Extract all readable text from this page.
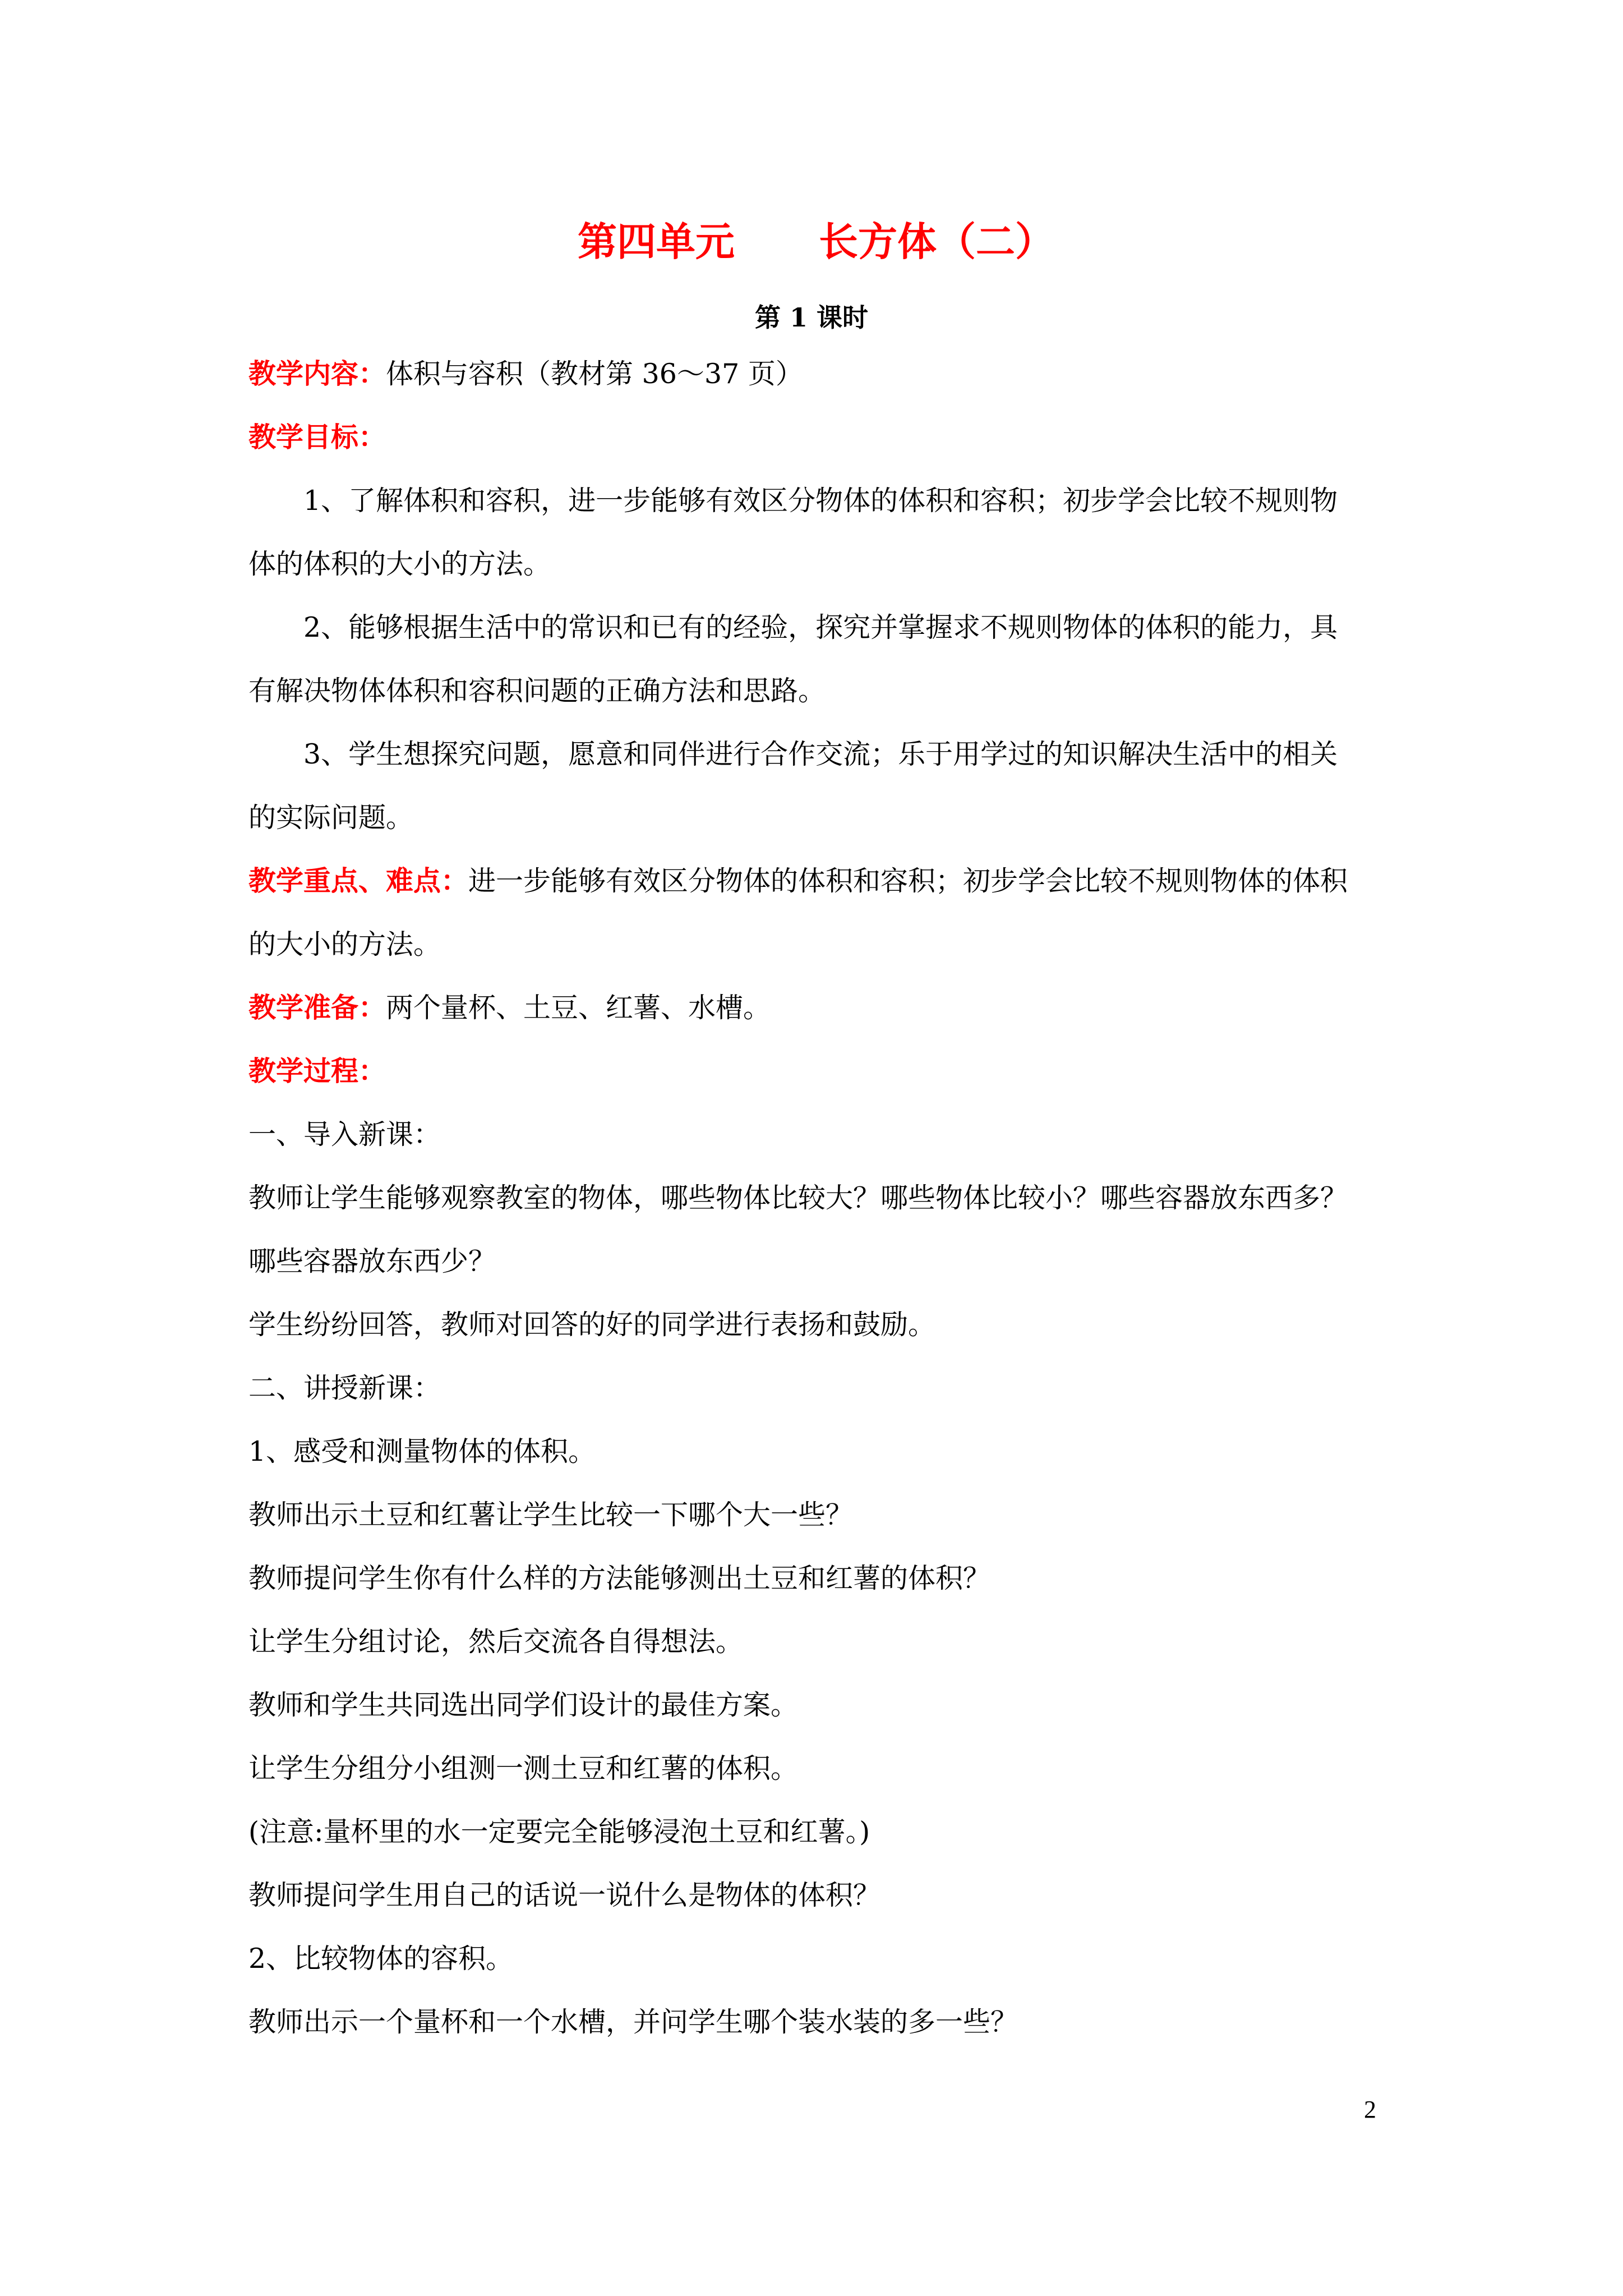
第四单元 长方体（二）
第 1 课时
教学内容：体积与容积（教材第 36～37 页）
教学目标：
1、了解体积和容积，进一步能够有效区分物体的体积和容积；初步学会比较不规则物
体的体积的大小的方法。
2、能够根据生活中的常识和已有的经验，探究并掌握求不规则物体的体积的能力，具
有解决物体体积和容积问题的正确方法和思路。
3、学生想探究问题，愿意和同伴进行合作交流；乐于用学过的知识解决生活中的相关
的实际问题。
教学重点、难点：进一步能够有效区分物体的体积和容积；初步学会比较不规则物体的体积
的大小的方法。
教学准备：两个量杯、土豆、红薯、水槽。
教学过程：
一、导入新课：
教师让学生能够观察教室的物体，哪些物体比较大？哪些物体比较小？哪些容器放东西多？
哪些容器放东西少？
学生纷纷回答，教师对回答的好的同学进行表扬和鼓励。
二、讲授新课：
1、感受和测量物体的体积。
教师出示土豆和红薯让学生比较一下哪个大一些？
教师提问学生你有什么样的方法能够测出土豆和红薯的体积？
让学生分组讨论，然后交流各自得想法。
教师和学生共同选出同学们设计的最佳方案。
让学生分组分小组测一测土豆和红薯的体积。
(注意:量杯里的水一定要完全能够浸泡土豆和红薯。)
教师提问学生用自己的话说一说什么是物体的体积？
2、比较物体的容积。
教师出示一个量杯和一个水槽，并问学生哪个装水装的多一些？
2
